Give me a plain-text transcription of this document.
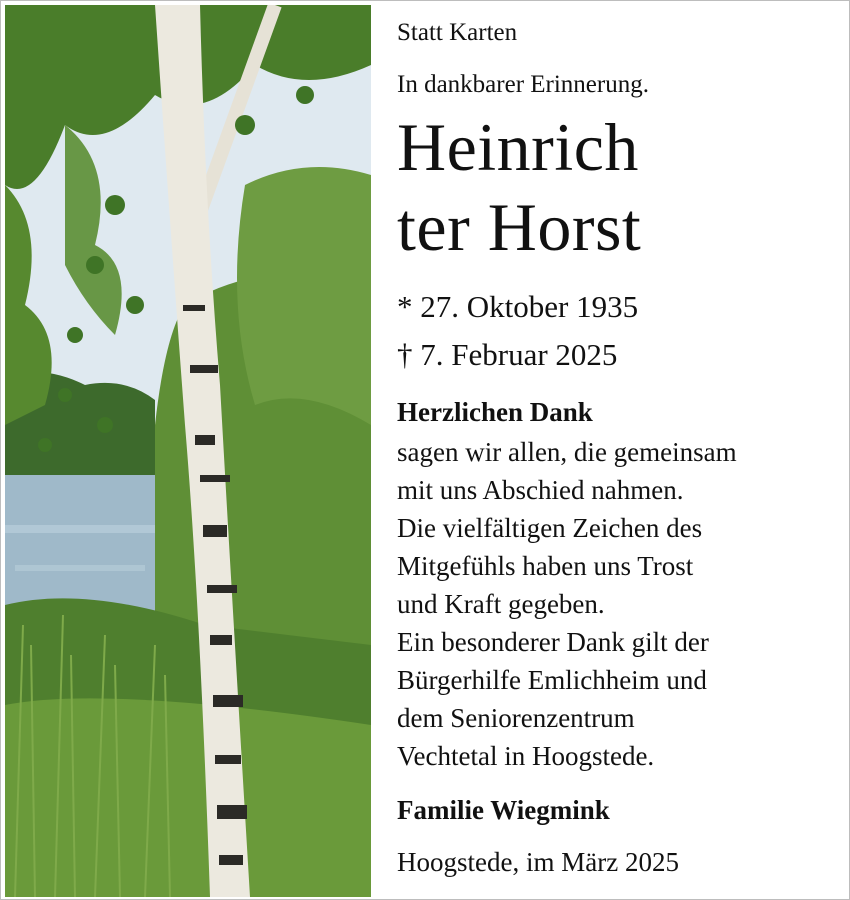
Statt Karten
In dankbarer Erinnerung.
Heinrich
ter Horst
* 27. Oktober 1935
† 7. Februar 2025
Herzlichen Dank
sagen wir allen, die gemeinsam
mit uns Abschied nahmen.
Die vielfältigen Zeichen des
Mitgefühls haben uns Trost
und Kraft gegeben.
Ein besonderer Dank gilt der
Bürgerhilfe Emlichheim und
dem Seniorenzentrum
Vechtetal in Hoogstede.
Familie Wiegmink
Hoogstede, im März 2025
